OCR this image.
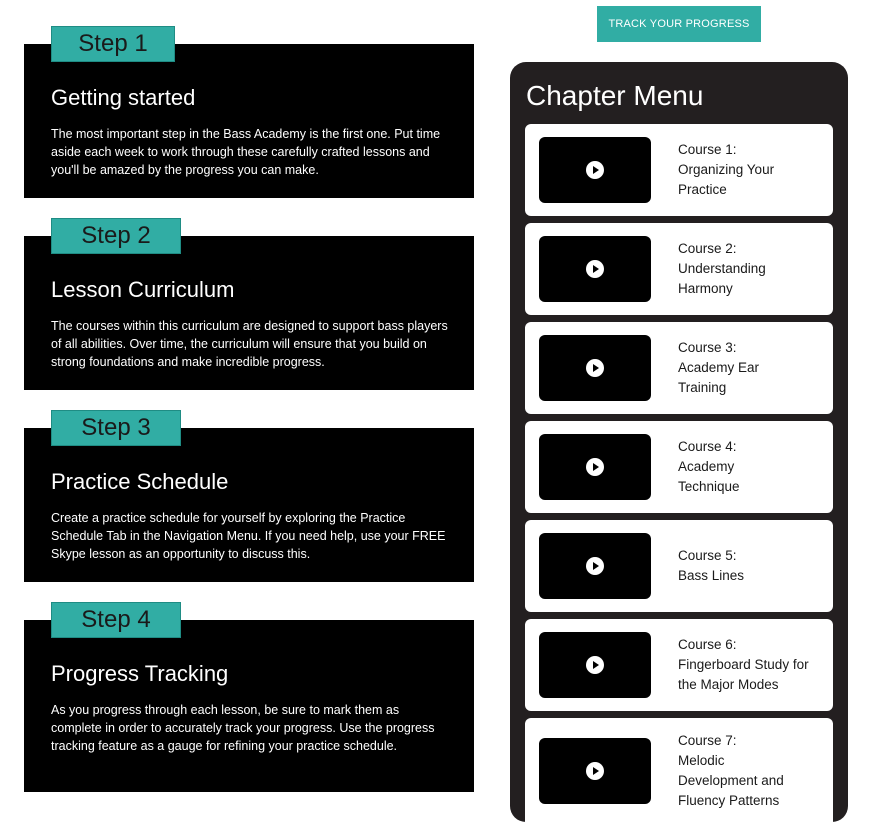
TRACK YOUR PROGRESS
Step 1
Getting started
The most important step in the Bass Academy is the first one. Put time aside each week to work through these carefully crafted lessons and you'll be amazed by the progress you can make.
Step 2
Lesson Curriculum
The courses within this curriculum are designed to support bass players of all abilities. Over time, the curriculum will ensure that you build on strong foundations and make incredible progress.
Step 3
Practice Schedule
Create a practice schedule for yourself by exploring the Practice Schedule Tab in the Navigation Menu. If you need help, use your FREE Skype lesson as an opportunity to discuss this.
Step 4
Progress Tracking
As you progress through each lesson, be sure to mark them as complete in order to accurately track your progress. Use the progress tracking feature as a gauge for refining your practice schedule.
Chapter Menu
Course 1:
Organizing Your Practice
Course 2:
Understanding Harmony
Course 3:
Academy Ear Training
Course 4:
Academy Technique
Course 5:
Bass Lines
Course 6:
Fingerboard Study for the Major Modes
Course 7:
Melodic Development and Fluency Patterns
